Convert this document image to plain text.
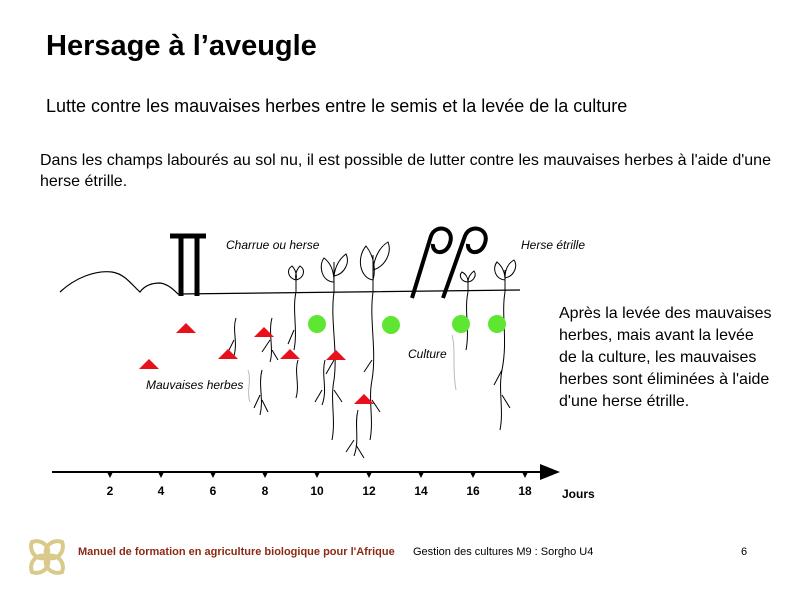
Hersage à l’aveugle
Lutte contre les mauvaises herbes entre le semis et la levée de la culture
Dans les champs labourés au sol nu, il est possible de lutter contre les mauvaises herbes à l'aide d'une herse étrille.
Charrue ou herse	Herse étrille
Culture
Mauvaises herbes
2	4	6	8	10	12	14	16	18	Jours
Après la levée des mauvaises herbes, mais avant la levée de la culture, les mauvaises herbes sont éliminées à l'aide d'une herse étrille.
Manuel de formation en agriculture biologique pour l'Afrique Gestion des cultures M9 : Sorgho U4	6
